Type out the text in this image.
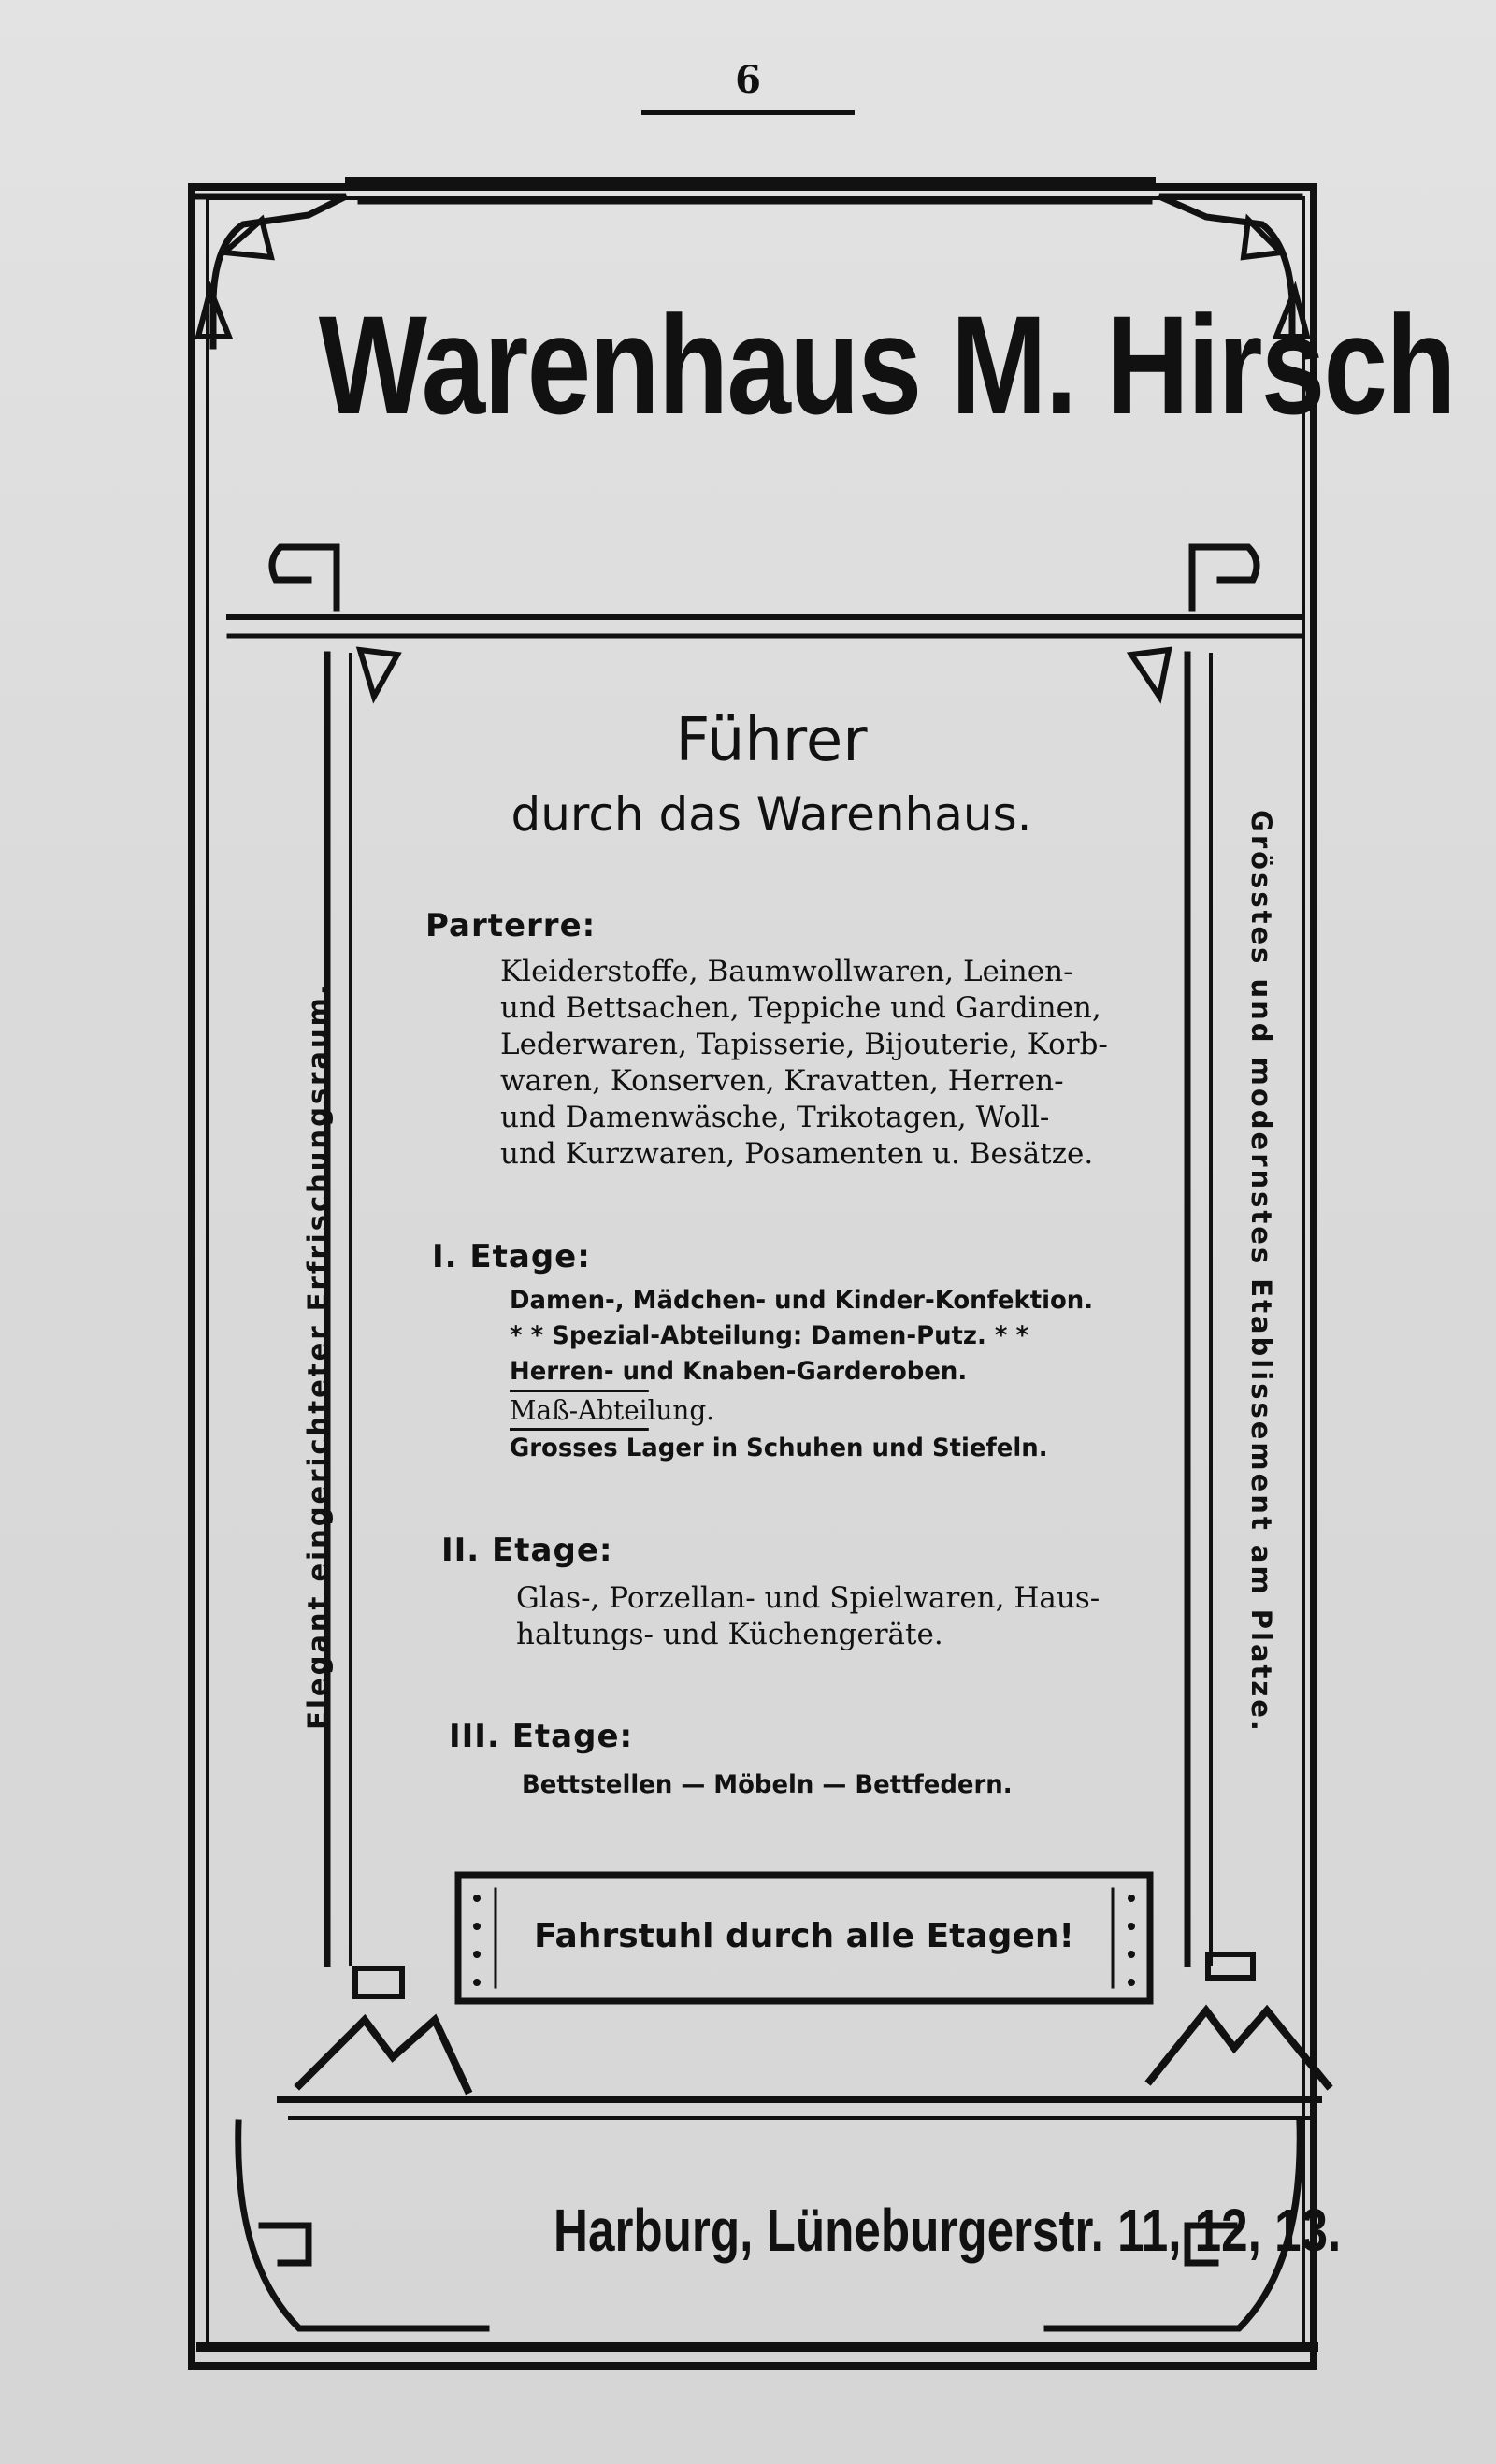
6
Warenhaus M. Hirsch
Führer
durch das Warenhaus.
Parterre:
Kleiderstoffe, Baumwollwaren, Leinen-
und Bettsachen, Teppiche und Gardinen,
Lederwaren, Tapisserie, Bijouterie, Korb-
waren, Konserven, Kravatten, Herren-
und Damenwäsche, Trikotagen, Woll-
und Kurzwaren, Posamenten u. Besätze.
I. Etage:
Damen-, Mädchen- und Kinder-Konfektion.
* * Spezial-Abteilung: Damen-Putz. * *
Herren- und Knaben-Garderoben.
Maß-Abteilung.
Grosses Lager in Schuhen und Stiefeln.
II. Etage:
Glas-, Porzellan- und Spielwaren, Haus-
haltungs- und Küchengeräte.
III. Etage:
Bettstellen — Möbeln — Bettfedern.
Elegant eingerichteter Erfrischungsraum.	Grösstes und modernstes Etablissement am Platze.
Fahrstuhl durch alle Etagen!
Harburg, Lüneburgerstr. 11, 12, 13.
